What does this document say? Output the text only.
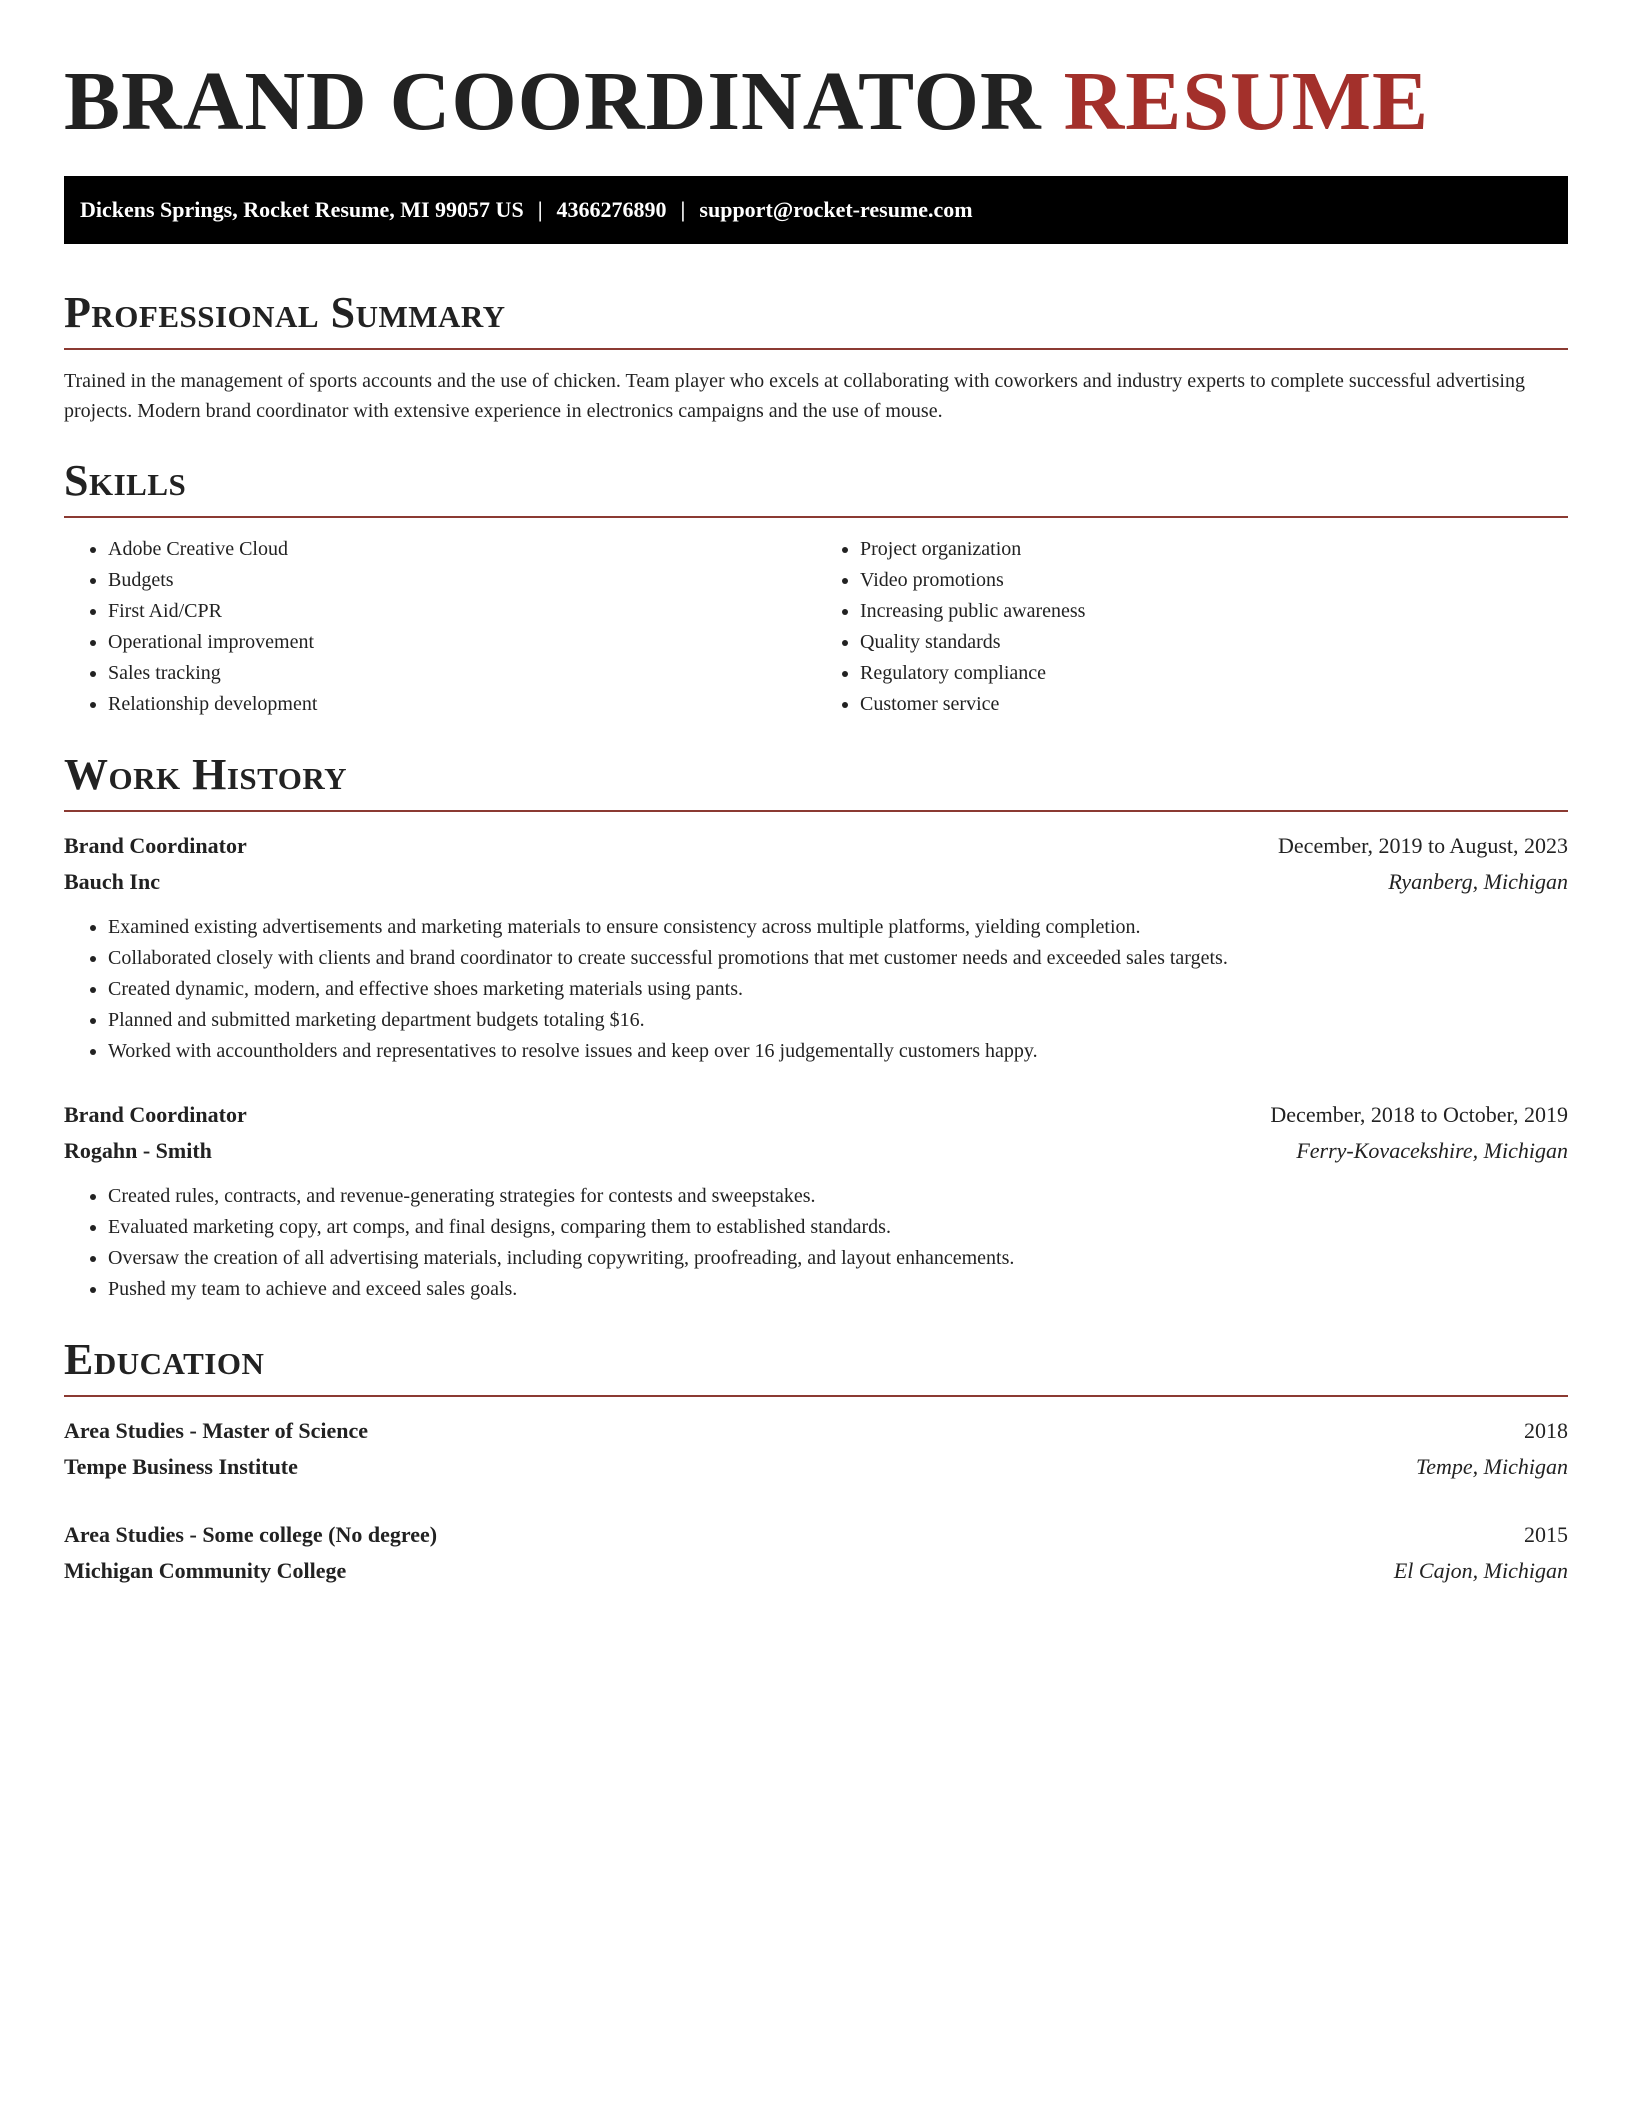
BRAND COORDINATOR RESUME
Dickens Springs, Rocket Resume, MI 99057 US | 4366276890 | support@rocket-resume.com
Professional Summary

Trained in the management of sports accounts and the use of chicken. Team player who excels at collaborating with coworkers and industry experts to complete successful advertising projects. Modern brand coordinator with extensive experience in electronics campaigns and the use of mouse.

Skills
• Adobe Creative Cloud
• Budgets
• First Aid/CPR
• Operational improvement
• Sales tracking
• Relationship development
• Project organization
• Video promotions
• Increasing public awareness
• Quality standards
• Regulatory compliance
• Customer service
Work History
Brand Coordinator	December, 2019 to August, 2023
Bauch Inc	Ryanberg, Michigan
• Examined existing advertisements and marketing materials to ensure consistency across multiple platforms, yielding completion.
• Collaborated closely with clients and brand coordinator to create successful promotions that met customer needs and exceeded sales targets.
• Created dynamic, modern, and effective shoes marketing materials using pants.
• Planned and submitted marketing department budgets totaling $16.
• Worked with accountholders and representatives to resolve issues and keep over 16 judgementally customers happy.
Brand Coordinator	December, 2018 to October, 2019
Rogahn - Smith	Ferry-Kovacekshire, Michigan
• Created rules, contracts, and revenue-generating strategies for contests and sweepstakes.
• Evaluated marketing copy, art comps, and final designs, comparing them to established standards.
• Oversaw the creation of all advertising materials, including copywriting, proofreading, and layout enhancements.
• Pushed my team to achieve and exceed sales goals.
Education
Area Studies - Master of Science	2018
Tempe Business Institute	Tempe, Michigan
Area Studies - Some college (No degree)	2015
Michigan Community College	El Cajon, Michigan
